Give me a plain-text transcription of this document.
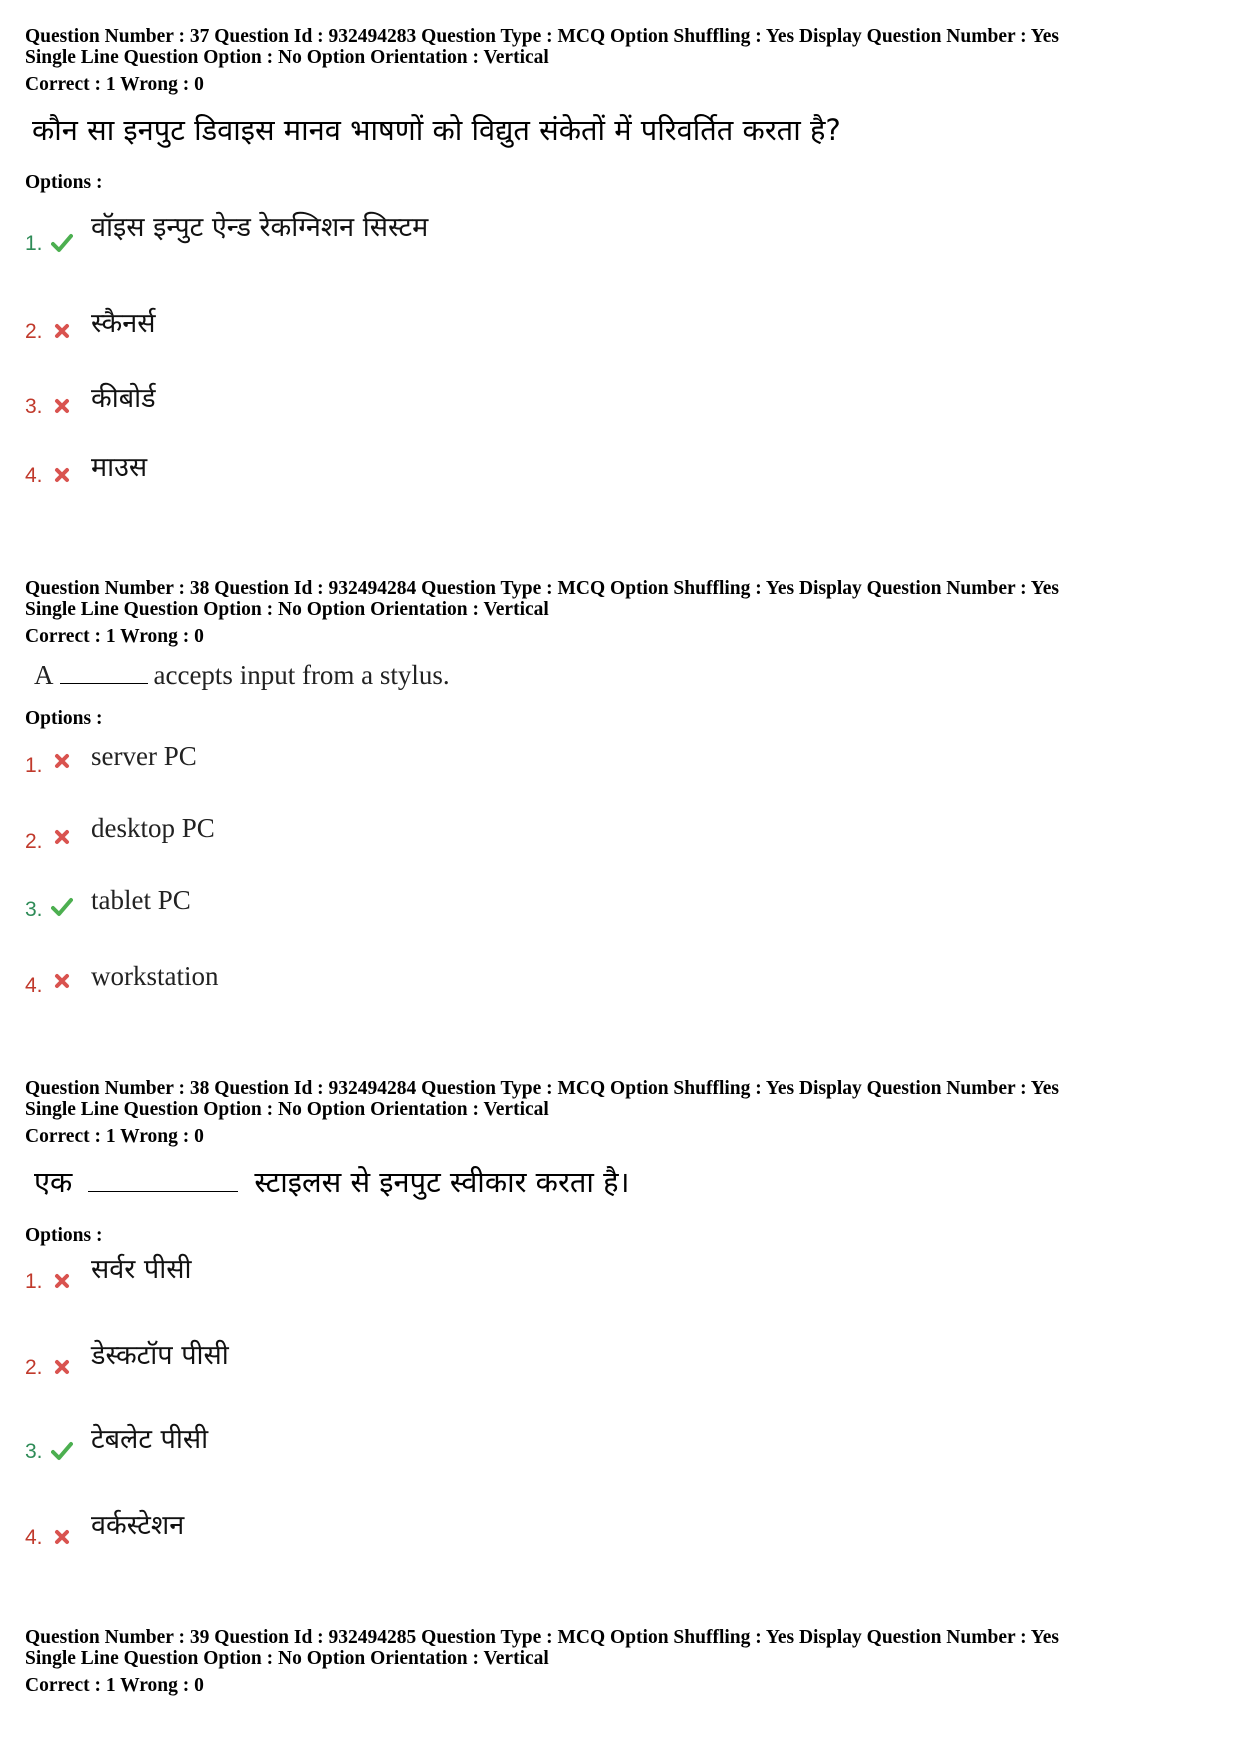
Question Number : 37 Question Id : 932494283 Question Type : MCQ Option Shuffling : Yes Display Question Number : Yes
Single Line Question Option : No Option Orientation : Vertical
Correct : 1 Wrong : 0
कौन सा इनपुट डिवाइस मानव भाषणों को विद्युत संकेतों में परिवर्तित करता है?
Options :
1.
वॉइस इन्पुट ऐन्ड रेकग्निशन सिस्टम
2. स्कैनर्स
3. कीबोर्ड
4. माउस
Question Number : 38 Question Id : 932494284 Question Type : MCQ Option Shuffling : Yes Display Question Number : Yes
Single Line Question Option : No Option Orientation : Vertical
Correct : 1 Wrong : 0
A	accepts input from a stylus.
Options :
1. server PC
2. desktop PC
3. tablet PC
4. workstation
Question Number : 38 Question Id : 932494284 Question Type : MCQ Option Shuffling : Yes Display Question Number : Yes
Single Line Question Option : No Option Orientation : Vertical
Correct : 1 Wrong : 0
एक	स्टाइलस से इनपुट स्वीकार करता है।
Options :
1. सर्वर पीसी
2. डेस्कटॉप पीसी
3. टेबलेट पीसी
4. वर्कस्टेशन
Question Number : 39 Question Id : 932494285 Question Type : MCQ Option Shuffling : Yes Display Question Number : Yes
Single Line Question Option : No Option Orientation : Vertical
Correct : 1 Wrong : 0
